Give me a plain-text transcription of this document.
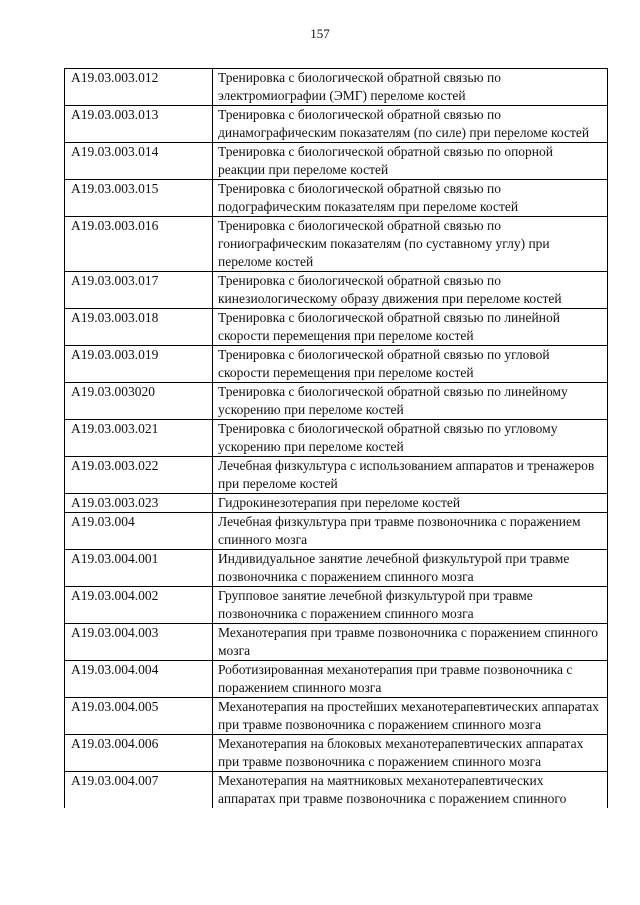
157
A19.03.003.012	Тренировка с биологической обратной связью по электромиографии (ЭМГ) переломе костей
A19.03.003.013	Тренировка с биологической обратной связью по динамографическим показателям (по силе) при переломе костей
A19.03.003.014	Тренировка с биологической обратной связью по опорной реакции при переломе костей
A19.03.003.015	Тренировка с биологической обратной связью по подографическим показателям при переломе костей
A19.03.003.016	Тренировка с биологической обратной связью по гониографическим показателям (по суставному углу) при переломе костей
A19.03.003.017	Тренировка с биологической обратной связью по кинезиологическому образу движения при переломе костей
A19.03.003.018	Тренировка с биологической обратной связью по линейной скорости перемещения при переломе костей
A19.03.003.019	Тренировка с биологической обратной связью по угловой скорости перемещения при переломе костей
A19.03.003020	Тренировка с биологической обратной связью по линейному ускорению при переломе костей
A19.03.003.021	Тренировка с биологической обратной связью по угловому ускорению при переломе костей
A19.03.003.022	Лечебная физкультура с использованием аппаратов и тренажеров при переломе костей
A19.03.003.023	Гидрокинезотерапия при переломе костей
A19.03.004	Лечебная физкультура при травме позвоночника с поражением спинного мозга
A19.03.004.001	Индивидуальное занятие лечебной физкультурой при травме позвоночника с поражением спинного мозга
A19.03.004.002	Групповое занятие лечебной физкультурой при травме позвоночника с поражением спинного мозга
A19.03.004.003	Механотерапия при травме позвоночника с поражением спинного мозга
A19.03.004.004	Роботизированная механотерапия при травме позвоночника с поражением спинного мозга
A19.03.004.005	Механотерапия на простейших механотерапевтических аппаратах при травме позвоночника с поражением спинного мозга
A19.03.004.006	Механотерапия на блоковых механотерапевтических аппаратах при травме позвоночника с поражением спинного мозга
A19.03.004.007	Механотерапия на маятниковых механотерапевтических аппаратах при травме позвоночника с поражением спинного
